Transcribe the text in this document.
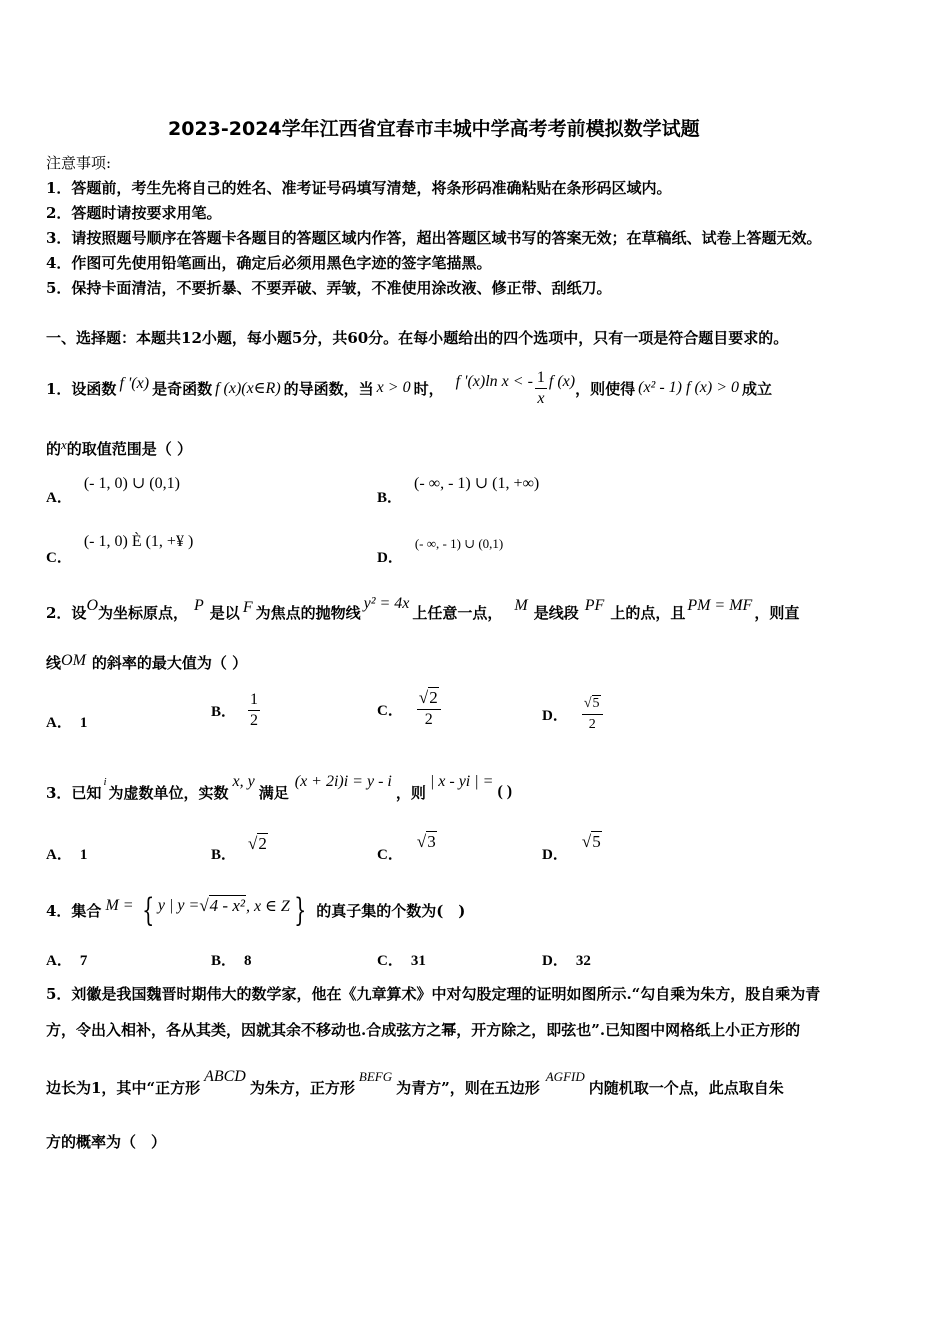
2023-2024学年江西省宜春市丰城中学高考考前模拟数学试题
注意事项:
1．答题前，考生先将自己的姓名、准考证号码填写清楚，将条形码准确粘贴在条形码区域内。
2．答题时请按要求用笔。
3．请按照题号顺序在答题卡各题目的答题区域内作答，超出答题区域书写的答案无效；在草稿纸、试卷上答题无效。
4．作图可先使用铅笔画出，确定后必须用黑色字迹的签字笔描黑。
5．保持卡面清洁，不要折暴、不要弄破、弄皱，不准使用涂改液、修正带、刮纸刀。
一、选择题：本题共12小题，每小题5分，共60分。在每小题给出的四个选项中，只有一项是符合题目要求的。
1．设函数 f '(x) 是奇函数 f (x)(x∈R) 的导函数，当 x > 0 时， f '(x)ln x < - $\frac{1}{x}$ f (x) ，则使得 (x² - 1) f (x) > 0 成立
的x的取值范围是（ ）
A．(- 1, 0) ∪ (0,1)
B．(- ∞, - 1) ∪ (1, +∞)
C．(- 1, 0) È (1, +¥ )
D．(- ∞, - 1) ∪ (0,1)
2．设 O 为坐标原点， P 是以 F 为焦点的抛物线 y² = 4x 上任意一点， M 是线段 PF 上的点，且 PM = MF ，则直
线OM 的斜率的最大值为（ ）
A． 1
B． $\frac{1}{2}$	C． $\frac{√2}{2}$	D． $\frac{√5}{2}$
3．已知
i
为虚数单位，实数
x, y
满足
(x + 2i)i = y - i
，则
| x - yi | =
( )
A． 1	B．√2
C．√3
D．√5
4．集合 M = { y | y = √4 - x² , x ∈ Z } 的真子集的个数为(　)
A． 7	B． 8	C． 31	D． 32
5．刘徽是我国魏晋时期伟大的数学家，他在《九章算术》中对勾股定理的证明如图所示.“勾自乘为朱方，股自乘为青
方，令出入相补，各从其类，因就其余不移动也.合成弦方之幂，开方除之，即弦也”.已知图中网格纸上小正方形的
边长为1，其中“正方形
ABCD
为朱方，正方形
BEFG
为青方”，则在五边形
AGFID
内随机取一个点，此点取自朱
方的概率为（　）
